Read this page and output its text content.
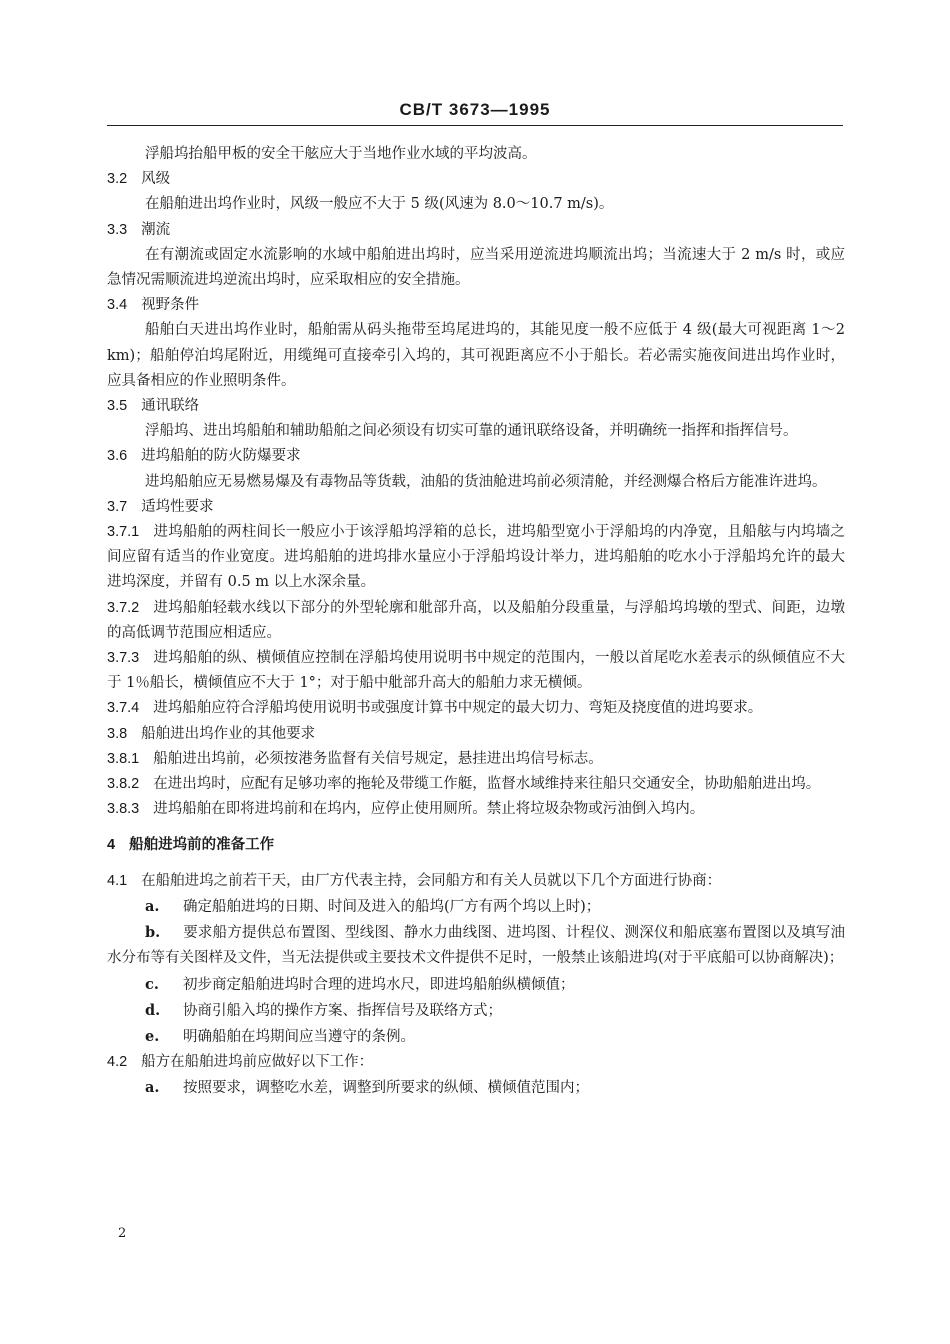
CB/T 3673—1995

浮船坞抬船甲板的安全干舷应大于当地作业水域的平均波高。

3.2 风级

在船舶进出坞作业时，风级一般应不大于 5 级(风速为 8.0～10.7 m/s)。

3.3 潮流

在有潮流或固定水流影响的水域中船舶进出坞时，应当采用逆流进坞顺流出坞；当流速大于 2 m/s 时，或应急情况需顺流进坞逆流出坞时，应采取相应的安全措施。

3.4 视野条件

船舶白天进出坞作业时，船舶需从码头拖带至坞尾进坞的，其能见度一般不应低于 4 级(最大可视距离 1～2 km)；船舶停泊坞尾附近，用缆绳可直接牵引入坞的，其可视距离应不小于船长。若必需实施夜间进出坞作业时，应具备相应的作业照明条件。

3.5 通讯联络

浮船坞、进出坞船舶和辅助船舶之间必须设有切实可靠的通讯联络设备，并明确统一指挥和指挥信号。

3.6 进坞船舶的防火防爆要求

进坞船舶应无易燃易爆及有毒物品等货载，油船的货油舱进坞前必须清舱，并经测爆合格后方能准许进坞。

3.7 适坞性要求

3.7.1 进坞船舶的两柱间长一般应小于该浮船坞浮箱的总长，进坞船型宽小于浮船坞的内净宽，且船舷与内坞墙之间应留有适当的作业宽度。进坞船舶的进坞排水量应小于浮船坞设计举力，进坞船舶的吃水小于浮船坞允许的最大进坞深度，并留有 0.5 m 以上水深余量。

3.7.2 进坞船舶轻载水线以下部分的外型轮廓和舭部升高，以及船舶分段重量，与浮船坞坞墩的型式、间距，边墩的高低调节范围应相适应。

3.7.3 进坞船舶的纵、横倾值应控制在浮船坞使用说明书中规定的范围内，一般以首尾吃水差表示的纵倾值应不大于 1％船长，横倾值应不大于 1°；对于船中舭部升高大的船舶力求无横倾。

3.7.4 进坞船舶应符合浮船坞使用说明书或强度计算书中规定的最大切力、弯矩及挠度值的进坞要求。

3.8 船舶进出坞作业的其他要求

3.8.1 船舶进出坞前，必须按港务监督有关信号规定，悬挂进出坞信号标志。

3.8.2 在进出坞时，应配有足够功率的拖轮及带缆工作艇，监督水域维持来往船只交通安全，协助船舶进出坞。

3.8.3 进坞船舶在即将进坞前和在坞内，应停止使用厕所。禁止将垃圾杂物或污油倒入坞内。

4 船舶进坞前的准备工作

4.1 在船舶进坞之前若干天，由厂方代表主持，会同船方和有关人员就以下几个方面进行协商：

a. 确定船舶进坞的日期、时间及进入的船坞(厂方有两个坞以上时)；

b. 要求船方提供总布置图、型线图、静水力曲线图、进坞图、计程仪、测深仪和船底塞布置图以及填写油水分布等有关图样及文件，当无法提供或主要技术文件提供不足时，一般禁止该船进坞(对于平底船可以协商解决)；

c. 初步商定船舶进坞时合理的进坞水尺，即进坞船舶纵横倾值；

d. 协商引船入坞的操作方案、指挥信号及联络方式；

e. 明确船舶在坞期间应当遵守的条例。

4.2 船方在船舶进坞前应做好以下工作：

a. 按照要求，调整吃水差，调整到所要求的纵倾、横倾值范围内；

2
